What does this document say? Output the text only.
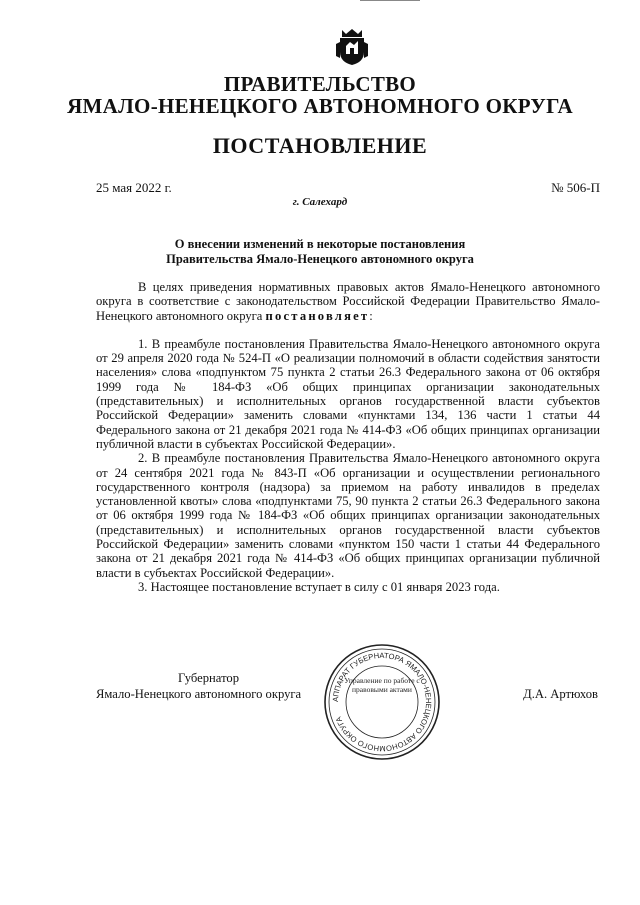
ПРАВИТЕЛЬСТВО
ЯМАЛО-НЕНЕЦКОГО АВТОНОМНОГО ОКРУГА
ПОСТАНОВЛЕНИЕ
25 мая 2022 г.	№ 506-П
г. Салехард
О внесении изменений в некоторые постановления
Правительства Ямало-Ненецкого автономного округа

В целях приведения нормативных правовых актов Ямало-Ненецкого автономного округа в соответствие с законодательством Российской Федерации Правительство Ямало-Ненецкого автономного округа постановляет:

1. В преамбуле постановления Правительства Ямало-Ненецкого автономного округа от 29 апреля 2020 года № 524-П «О реализации полномочий в области содействия занятости населения» слова «подпунктом 75 пункта 2 статьи 26.3 Федерального закона от 06 октября 1999 года № 184-ФЗ «Об общих принципах организации законодательных (представительных) и исполнительных органов государственной власти субъектов Российской Федерации» заменить словами «пунктами 134, 136 части 1 статьи 44 Федерального закона от 21 декабря 2021 года № 414-ФЗ «Об общих принципах организации публичной власти в субъектах Российской Федерации».

2. В преамбуле постановления Правительства Ямало-Ненецкого автономного округа от 24 сентября 2021 года № 843-П «Об организации и осуществлении регионального государственного контроля (надзора) за приемом на работу инвалидов в пределах установленной квоты» слова «подпунктами 75, 90 пункта 2 статьи 26.3 Федерального закона от 06 октября 1999 года № 184-ФЗ «Об общих принципах организации законодательных (представительных) и исполнительных органов государственной власти субъектов Российской Федерации» заменить словами «пунктом 150 части 1 статьи 44 Федерального закона от 21 декабря 2021 года № 414-ФЗ «Об общих принципах организации публичной власти в субъектах Российской Федерации».

3. Настоящее постановление вступает в силу с 01 января 2023 года.

Губернатор
Ямало-Ненецкого автономного округа	Д.А. Артюхов
АППАРАТ ГУБЕРНАТОРА ЯМАЛО-НЕНЕЦКОГО АВТОНОМНОГО ОКРУГА
Управление по работе с правовыми актами
